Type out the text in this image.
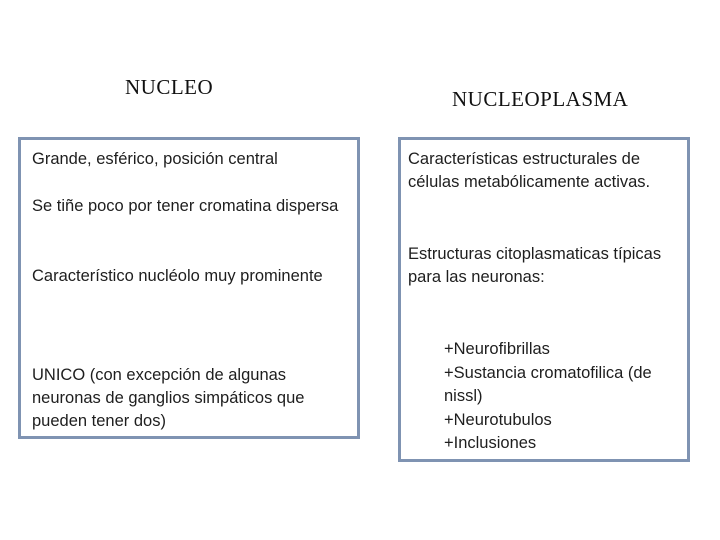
NUCLEO	NUCLEOPLASMA
Grande, esférico, posición central
Se tiñe poco por tener cromatina dispersa
Característico nucléolo muy prominente
UNICO (con excepción de algunas neuronas de ganglios simpáticos que pueden tener dos)
Características estructurales de células metabólicamente activas.
Estructuras citoplasmaticas típicas para las neuronas:
+Neurofibrillas
+Sustancia cromatofilica (de nissl)
+Neurotubulos
+Inclusiones
